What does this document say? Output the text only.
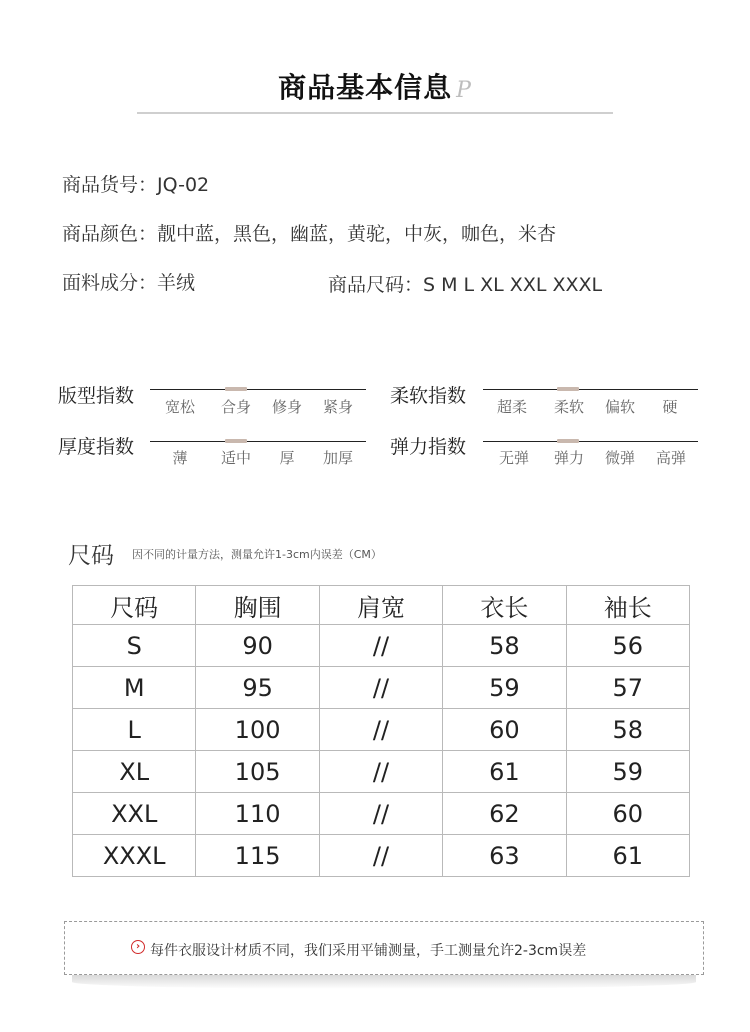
商品基本信息 P
商品货号：JQ-02
商品颜色：靓中蓝，黑色，幽蓝，黄驼，中灰，咖色，米杏
面料成分：羊绒	商品尺码：S M L XL XXL XXXL
版型指数	宽松	合身	修身	紧身	柔软指数	超柔	柔软	偏软	硬
厚度指数	薄	适中	厚	加厚	弹力指数	无弹	弹力	微弹	高弹
尺码 因不同的计量方法，测量允许1-3cm内误差（CM）
尺码	胸围	肩宽	衣长	袖长
S	90	//	58	56
M	95	//	59	57
L	100	//	60	58
XL	105	//	61	59
XXL	110	//	62	60
XXXL	115	//	63	61
› 每件衣服设计材质不同，我们采用平铺测量，手工测量允许2-3cm误差
